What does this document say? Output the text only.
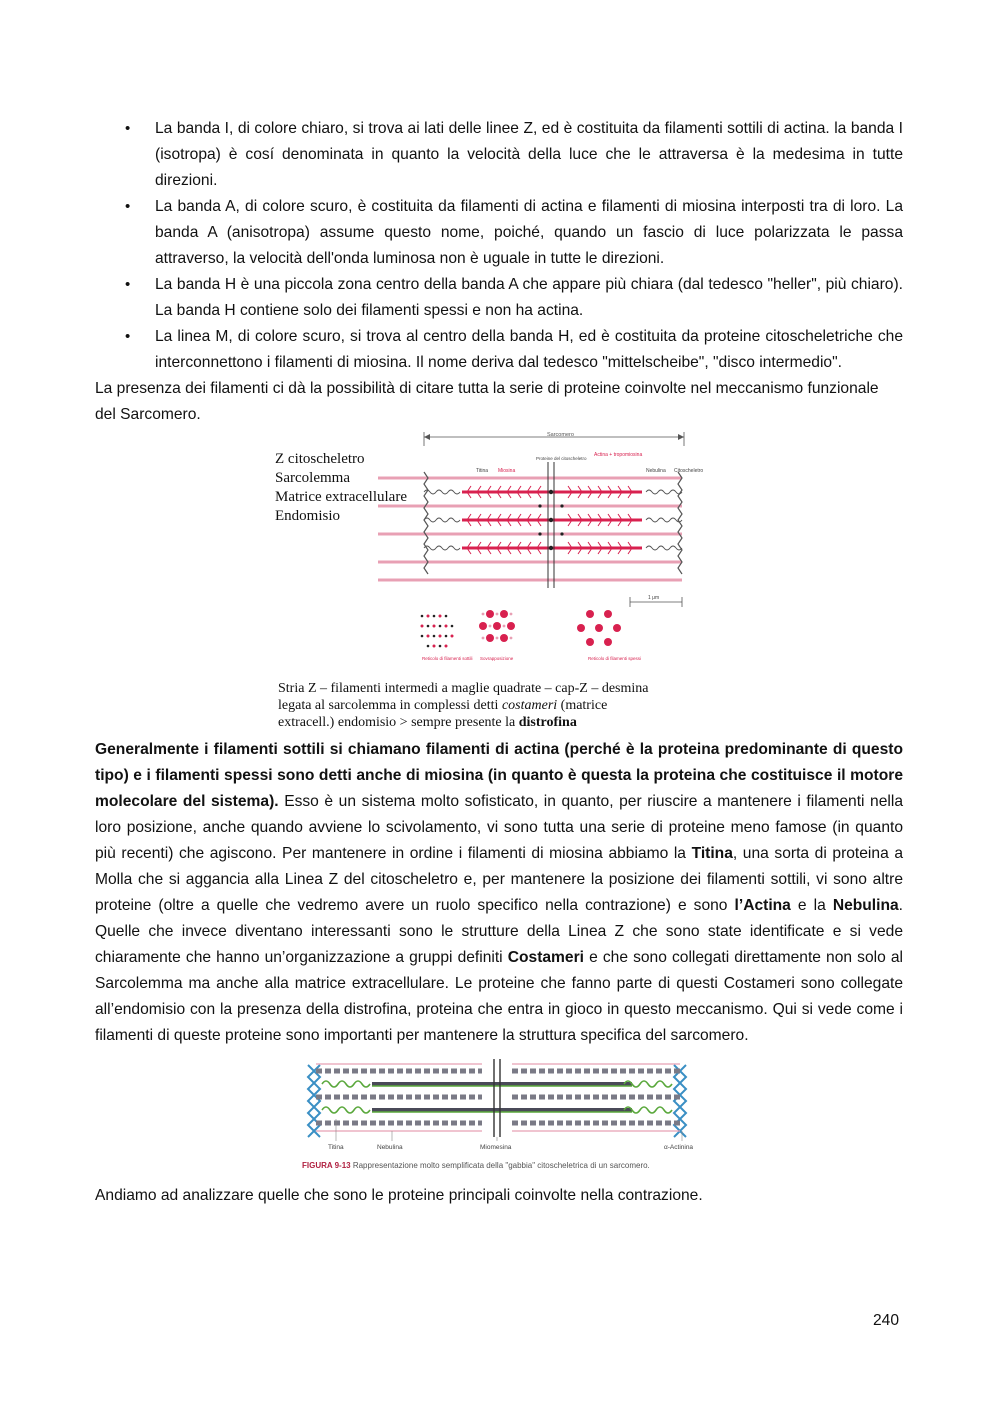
• La banda I, di colore chiaro, si trova ai lati delle linee Z, ed è costituita da filamenti sottili di actina. la banda I (isotropa) è cosí denominata in quanto la velocità della luce che le attraversa è la medesima in tutte direzioni.
• La banda A, di colore scuro, è costituita da filamenti di actina e filamenti di miosina interposti tra di loro. La banda A (anisotropa) assume questo nome, poiché, quando un fascio di luce polarizzata le passa attraverso, la velocità dell'onda luminosa non è uguale in tutte le direzioni.
• La banda H è una piccola zona centro della banda A che appare più chiara (dal tedesco "heller", più chiaro). La banda H contiene solo dei filamenti spessi e non ha actina.
• La linea M, di colore scuro, si trova al centro della banda H, ed è costituita da proteine citoscheletriche che interconnettono i filamenti di miosina. Il nome deriva dal tedesco "mittelscheibe", "disco intermedio".

La presenza dei filamenti ci dà la possibilità di citare tutta la serie di proteine coinvolte nel meccanismo funzionale del Sarcomero.

Z citoscheletro
Sarcolemma
Matrice extracellulare
Endomisio
Sarcomero
Titina Miosina
Proteine del citoscheletro
Actina + tropomiosina
Nebulina Citoscheletro
1 μm
Reticolo di filamenti sottili Sovrapposizione	Reticolo di filamenti spessi
Stria Z – filamenti intermedi a maglie quadrate – cap-Z – desmina
legata al sarcolemma in complessi detti costameri (matrice
extracell.) endomisio > sempre presente la distrofina

Generalmente i filamenti sottili si chiamano filamenti di actina (perché è la proteina predominante di questo tipo) e i filamenti spessi sono detti anche di miosina (in quanto è questa la proteina che costituisce il motore molecolare del sistema). Esso è un sistema molto sofisticato, in quanto, per riuscire a mantenere i filamenti nella loro posizione, anche quando avviene lo scivolamento, vi sono tutta una serie di proteine meno famose (in quanto più recenti) che agiscono. Per mantenere in ordine i filamenti di miosina abbiamo la Titina, una sorta di proteina a Molla che si aggancia alla Linea Z del citoscheletro e, per mantenere la posizione dei filamenti sottili, vi sono altre proteine (oltre a quelle che vedremo avere un ruolo specifico nella contrazione) e sono l’Actina e la Nebulina. Quelle che invece diventano interessanti sono le strutture della Linea Z che sono state identificate e si vede chiaramente che hanno un’organizzazione a gruppi definiti Costameri e che sono collegati direttamente non solo al Sarcolemma ma anche alla matrice extracellulare. Le proteine che fanno parte di questi Costameri sono collegate all’endomisio con la presenza della distrofina, proteina che entra in gioco in questo meccanismo. Qui si vede come i filamenti di queste proteine sono importanti per mantenere la struttura specifica del sarcomero.

Titina	Nebulina	Miomesina	α-Actinina
FIGURA 9-13 Rappresentazione molto semplificata della "gabbia" citoscheletrica di un sarcomero.

Andiamo ad analizzare quelle che sono le proteine principali coinvolte nella contrazione.

240
